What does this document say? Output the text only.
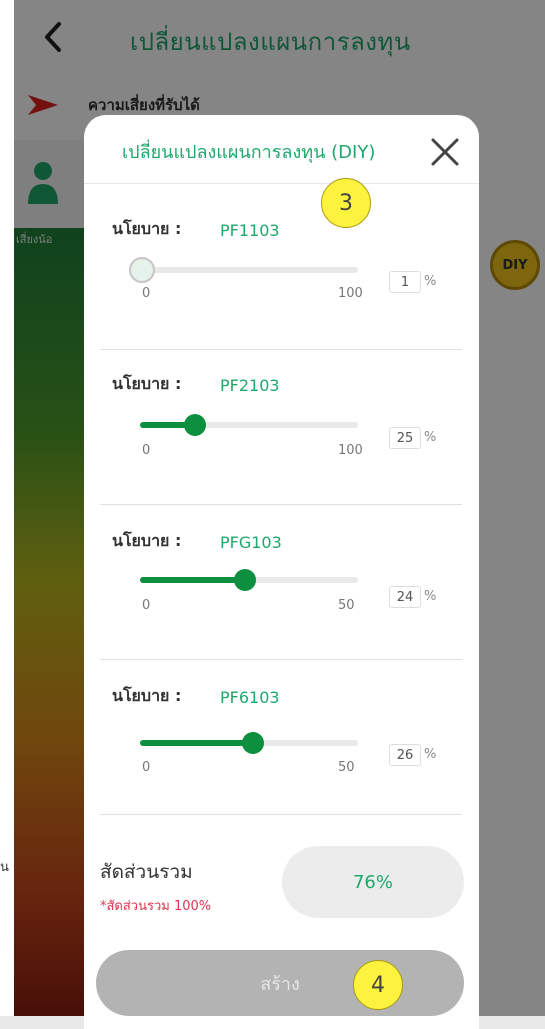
เปลี่ยนแปลงแผนการลงทุน
ความเสี่ยงที่รับได้
เสี่ยงน้อ
DIY
น
เปลี่ยนแปลงแผนการลงทุน (DIY)
นโยบาย : PF1103
0	100
1	%
นโยบาย : PF2103
0	100
25 %
นโยบาย : PFG103
0	50
24 %
นโยบาย : PF6103
0	50
26 %
สัดส่วนรวม
*สัดส่วนรวม 100%
76%
สร้าง
3
4
